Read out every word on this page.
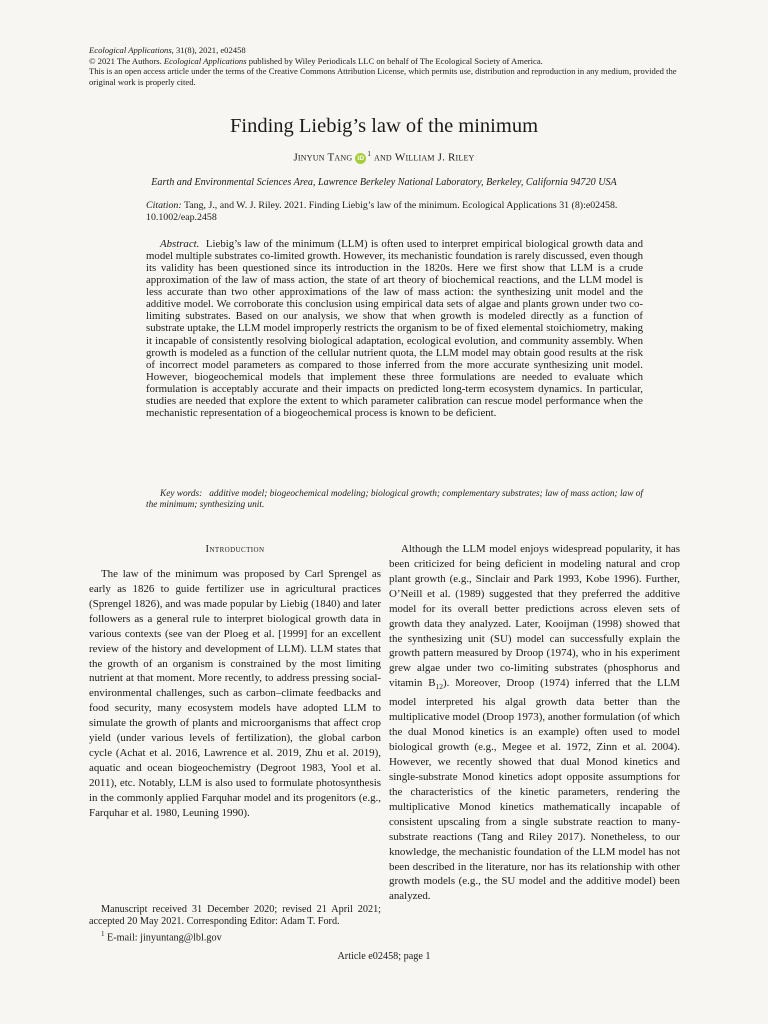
Ecological Applications, 31(8), 2021, e02458
© 2021 The Authors. Ecological Applications published by Wiley Periodicals LLC on behalf of The Ecological Society of America.
This is an open access article under the terms of the Creative Commons Attribution License, which permits use, distribution and reproduction in any medium, provided the original work is properly cited.
Finding Liebig’s law of the minimum
Jinyun Tang $iD^1$ and William J. Riley
Earth and Environmental Sciences Area, Lawrence Berkeley National Laboratory, Berkeley, California 94720 USA
Citation: Tang, J., and W. J. Riley. 2021. Finding Liebig’s law of the minimum. Ecological Applications 31 (8):e02458. 10.1002/eap.2458
Abstract. Liebig’s law of the minimum (LLM) is often used to interpret empirical biological growth data and model multiple substrates co-limited growth. However, its mechanistic foundation is rarely discussed, even though its validity has been questioned since its introduction in the 1820s. Here we first show that LLM is a crude approximation of the law of mass action, the state of art theory of biochemical reactions, and the LLM model is less accurate than two other approximations of the law of mass action: the synthesizing unit model and the additive model. We corroborate this conclusion using empirical data sets of algae and plants grown under two co-limiting substrates. Based on our analysis, we show that when growth is modeled directly as a function of substrate uptake, the LLM model improperly restricts the organism to be of fixed elemental stoichiometry, making it incapable of consistently resolving biological adaptation, ecological evolution, and community assembly. When growth is modeled as a function of the cellular nutrient quota, the LLM model may obtain good results at the risk of incorrect model parameters as compared to those inferred from the more accurate synthesizing unit model. However, biogeochemical models that implement these three formulations are needed to evaluate which formulation is acceptably accurate and their impacts on predicted long-term ecosystem dynamics. In particular, studies are needed that explore the extent to which parameter calibration can rescue model performance when the mechanistic representation of a biogeochemical process is known to be deficient.
Key words: additive model; biogeochemical modeling; biological growth; complementary substrates; law of mass action; law of the minimum; synthesizing unit.
Introduction

The law of the minimum was proposed by Carl Sprengel as early as 1826 to guide fertilizer use in agricultural practices (Sprengel 1826), and was made popular by Liebig (1840) and later followers as a general rule to interpret biological growth data in various contexts (see van der Ploeg et al. [1999] for an excellent review of the history and development of LLM). LLM states that the growth of an organism is constrained by the most limiting nutrient at that moment. More recently, to address pressing social-environmental challenges, such as carbon–climate feedbacks and food security, many ecosystem models have adopted LLM to simulate the growth of plants and microorganisms that affect crop yield (under various levels of fertilization), the global carbon cycle (Achat et al. 2016, Lawrence et al. 2019, Zhu et al. 2019), aquatic and ocean biogeochemistry (Degroot 1983, Yool et al. 2011), etc. Notably, LLM is also used to formulate photosynthesis in the commonly applied Farquhar model and its progenitors (e.g., Farquhar et al. 1980, Leuning 1990).

Although the LLM model enjoys widespread popularity, it has been criticized for being deficient in modeling natural and crop plant growth (e.g., Sinclair and Park 1993, Kobe 1996). Further, O’Neill et al. (1989) suggested that they preferred the additive model for its overall better predictions across eleven sets of growth data they analyzed. Later, Kooijman (1998) showed that the synthesizing unit (SU) model can successfully explain the growth pattern measured by Droop (1974), who in his experiment grew algae under two co-limiting substrates (phosphorus and vitamin $B_{12}$). Moreover, Droop (1974) inferred that the LLM model interpreted his algal growth data better than the multiplicative model (Droop 1973), another formulation (of which the dual Monod kinetics is an example) often used to model biological growth (e.g., Megee et al. 1972, Zinn et al. 2004). However, we recently showed that dual Monod kinetics and single-substrate Monod kinetics adopt opposite assumptions for the characteristics of the kinetic parameters, rendering the multiplicative Monod kinetics mathematically incapable of consistent upscaling from a single substrate reaction to many-substrate reactions (Tang and Riley 2017). Nonetheless, to our knowledge, the mechanistic foundation of the LLM model has not been described in the literature, nor has its relationship with other growth models (e.g., the SU model and the additive model) been analyzed.

Manuscript received 31 December 2020; revised 21 April 2021; accepted 20 May 2021. Corresponding Editor: Adam T. Ford.

$^1$ E-mail: jinyuntang@lbl.gov

Article e02458; page 1
